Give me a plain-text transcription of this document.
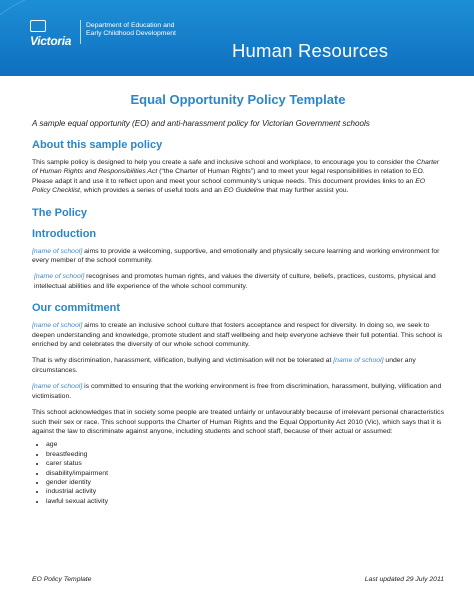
Victoria
Department of Education and
Early Childhood Development
Human Resources
Equal Opportunity Policy Template
A sample equal opportunity (EO) and anti-harassment policy for Victorian Government schools
About this sample policy

This sample policy is designed to help you create a safe and inclusive school and workplace, to encourage you to consider the Charter of Human Rights and Responsibilities Act (“the Charter of Human Rights”) and to meet your legal responsibilities in relation to EO. Please adapt it and use it to reflect upon and meet your school community’s unique needs. This document provides links to an EO Policy Checklist, which provides a series of useful tools and an EO Guideline that may further assist you.

The Policy
Introduction

[name of school] aims to provide a welcoming, supportive, and emotionally and physically secure learning and working environment for every member of the school community.

[name of school] recognises and promotes human rights, and values the diversity of culture, beliefs, practices, customs, physical and intellectual abilities and life experience of the whole school community.

Our commitment

[name of school] aims to create an inclusive school culture that fosters acceptance and respect for diversity. In doing so, we seek to deepen understanding and knowledge, promote student and staff wellbeing and help everyone achieve their full potential. This school is enriched by and celebrates the diversity of our whole school community.

That is why discrimination, harassment, vilification, bullying and victimisation will not be tolerated at [name of school] under any circumstances.

[name of school] is committed to ensuring that the working environment is free from discrimination, harassment, bullying, vilification and victimisation.

This school acknowledges that in society some people are treated unfairly or unfavourably because of irrelevant personal characteristics such their sex or race. This school supports the Charter of Human Rights and the Equal Opportunity Act 2010 (Vic), which says that it is against the law to discriminate against anyone, including students and school staff, because of their actual or assumed:

• age
• breastfeeding
• carer status
• disability/impairment
• gender identity
• industrial activity
• lawful sexual activity
EO Policy Template	Last updated 29 July 2011
